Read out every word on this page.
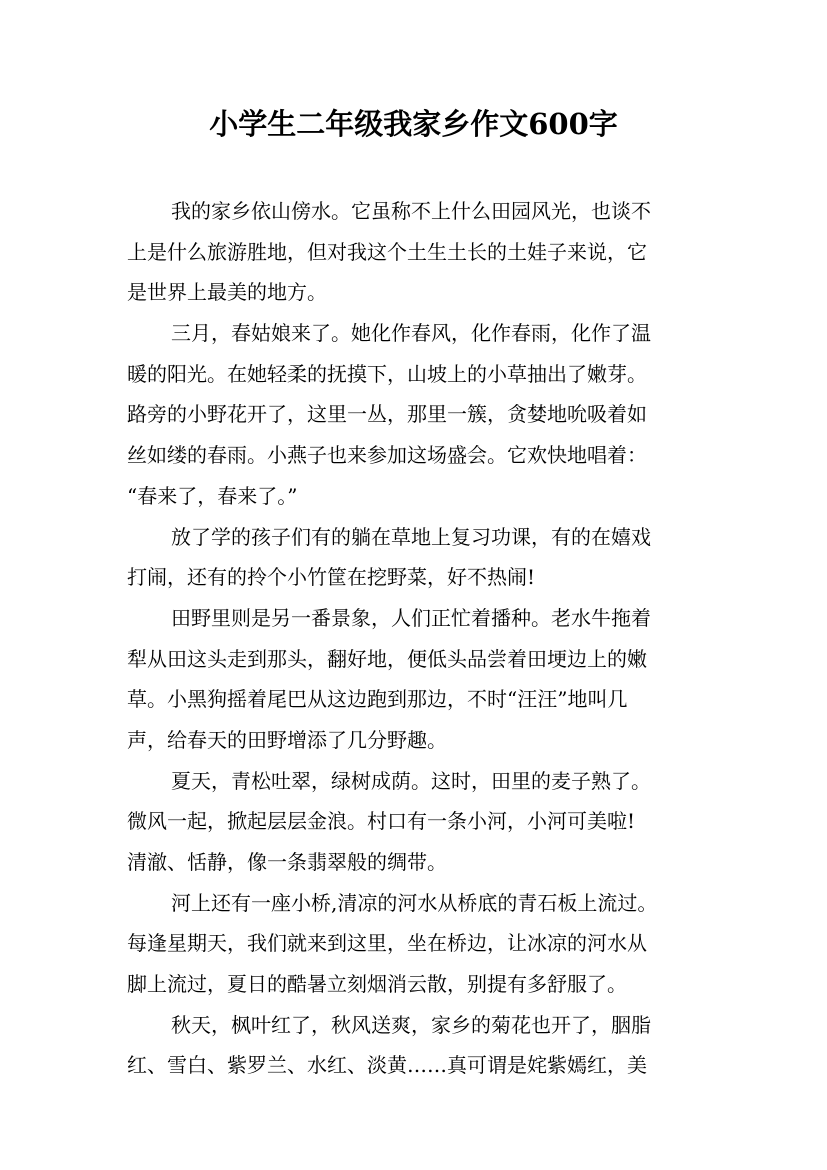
小学生二年级我家乡作文600字
我的家乡依山傍水。它虽称不上什么田园风光，也谈不
上是什么旅游胜地，但对我这个土生土长的土娃子来说，它
是世界上最美的地方。
三月，春姑娘来了。她化作春风，化作春雨，化作了温
暖的阳光。在她轻柔的抚摸下，山坡上的小草抽出了嫩芽。
路旁的小野花开了，这里一丛，那里一簇，贪婪地吮吸着如
丝如缕的春雨。小燕子也来参加这场盛会。它欢快地唱着：
“春来了，春来了。”
放了学的孩子们有的躺在草地上复习功课，有的在嬉戏
打闹，还有的拎个小竹筐在挖野菜，好不热闹!
田野里则是另一番景象，人们正忙着播种。老水牛拖着
犁从田这头走到那头，翻好地，便低头品尝着田埂边上的嫩
草。小黑狗摇着尾巴从这边跑到那边，不时“汪汪”地叫几
声，给春天的田野增添了几分野趣。
夏天，青松吐翠，绿树成荫。这时，田里的麦子熟了。
微风一起，掀起层层金浪。村口有一条小河，小河可美啦!
清澈、恬静，像一条翡翠般的绸带。
河上还有一座小桥,清凉的河水从桥底的青石板上流过。
每逢星期天，我们就来到这里，坐在桥边，让冰凉的河水从
脚上流过，夏日的酷暑立刻烟消云散，别提有多舒服了。
秋天，枫叶红了，秋风送爽，家乡的菊花也开了，胭脂
红、雪白、紫罗兰、水红、淡黄……真可谓是姹紫嫣红，美
